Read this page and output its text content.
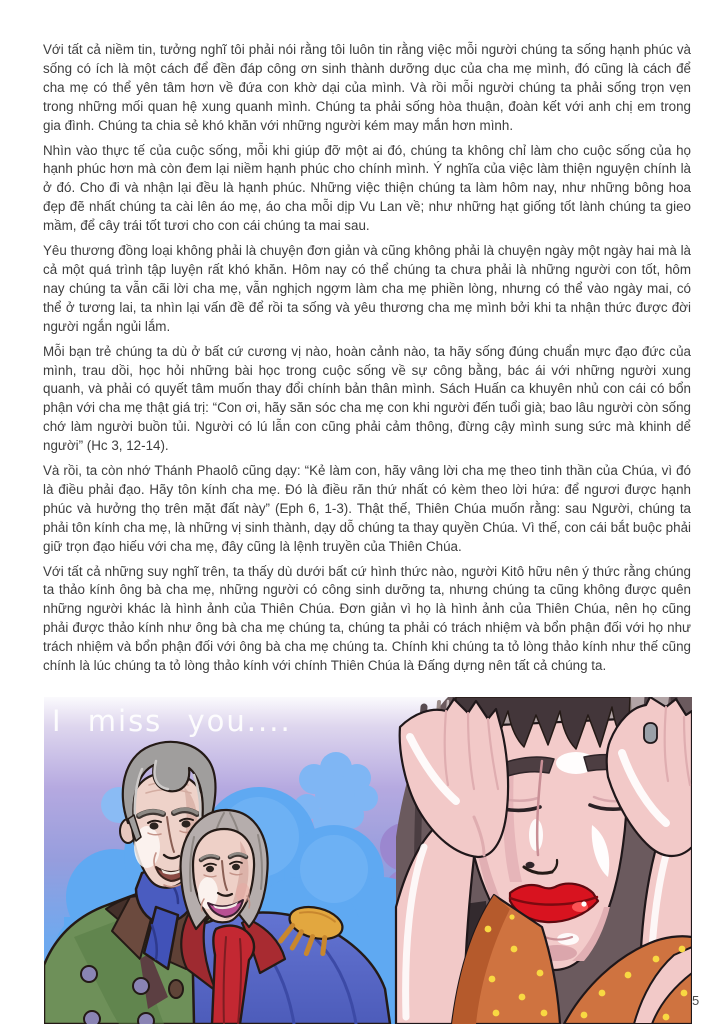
Với tất cả niềm tin, tưởng nghĩ tôi phải nói rằng tôi luôn tin rằng việc mỗi người chúng ta sống hạnh phúc và sống có ích là một cách để đền đáp công ơn sinh thành dưỡng dục của cha mẹ mình, đó cũng là cách để cha mẹ có thể yên tâm hơn về đứa con khờ dại của mình. Và rồi mỗi người chúng ta phải sống trọn vẹn trong những mối quan hệ xung quanh mình. Chúng ta phải sống hòa thuận, đoàn kết với anh chị em trong gia đình. Chúng ta chia sẻ khó khăn với những người kém may mắn hơn mình.

Nhìn vào thực tế của cuộc sống, mỗi khi giúp đỡ một ai đó, chúng ta không chỉ làm cho cuộc sống của họ hạnh phúc hơn mà còn đem lại niềm hạnh phúc cho chính mình. Ý nghĩa của việc làm thiện nguyện chính là ở đó. Cho đi và nhận lại đều là hạnh phúc. Những việc thiện chúng ta làm hôm nay, như những bông hoa đẹp đẽ nhất chúng ta cài lên áo mẹ, áo cha mỗi dịp Vu Lan về; như những hạt giống tốt lành chúng ta gieo mầm, để cây trái tốt tươi cho con cái chúng ta mai sau.

Yêu thương đồng loại không phải là chuyện đơn giản và cũng không phải là chuyện ngày một ngày hai mà là cả một quá trình tập luyện rất khó khăn. Hôm nay có thể chúng ta chưa phải là những người con tốt, hôm nay chúng ta vẫn cãi lời cha mẹ, vẫn nghịch ngợm làm cha mẹ phiền lòng, nhưng có thể vào ngày mai, có thể ở tương lai, ta nhìn lại vấn đề để rồi ta sống và yêu thương cha mẹ mình bởi khi ta nhận thức được đời người ngắn ngủi lắm.

Mỗi bạn trẻ chúng ta dù ở bất cứ cương vị nào, hoàn cảnh nào, ta hãy sống đúng chuẩn mực đạo đức của mình, trau dồi, học hỏi những bài học trong cuộc sống về sự công bằng, bác ái với những người xung quanh, và phải có quyết tâm muốn thay đổi chính bản thân mình. Sách Huấn ca khuyên nhủ con cái có bổn phận với cha mẹ thật giá trị: “Con ơi, hãy săn sóc cha mẹ con khi người đến tuổi già; bao lâu người còn sống chớ làm người buồn tủi. Người có lú lẫn con cũng phải cảm thông, đừng cậy mình sung sức mà khinh dể người” (Hc 3, 12-14).

Và rồi, ta còn nhớ Thánh Phaolô cũng dạy: “Kẻ làm con, hãy vâng lời cha mẹ theo tinh thần của Chúa, vì đó là điều phải đạo. Hãy tôn kính cha mẹ. Đó là điều răn thứ nhất có kèm theo lời hứa: để ngươi được hạnh phúc và hưởng thọ trên mặt đất này” (Eph 6, 1-3). Thật thế, Thiên Chúa muốn rằng: sau Người, chúng ta phải tôn kính cha mẹ, là những vị sinh thành, dạy dỗ chúng ta thay quyền Chúa. Vì thế, con cái bắt buộc phải giữ trọn đạo hiếu với cha mẹ, đây cũng là lệnh truyền của Thiên Chúa.

Với tất cả những suy nghĩ trên, ta thấy dù dưới bất cứ hình thức nào, người Kitô hữu nên ý thức rằng chúng ta thảo kính ông bà cha mẹ, những người có công sinh dưỡng ta, nhưng chúng ta cũng không được quên những người khác là hình ảnh của Thiên Chúa. Đơn giản vì họ là hình ảnh của Thiên Chúa, nên họ cũng phải được thảo kính như ông bà cha mẹ chúng ta, chúng ta phải có trách nhiệm và bổn phận đối với họ như trách nhiệm và bổn phận đối với ông bà cha mẹ chúng ta. Chính khi chúng ta tỏ lòng thảo kính như thế cũng chính là lúc chúng ta tỏ lòng thảo kính với chính Thiên Chúa là Đấng dựng nên tất cả chúng ta.

I miss you....
5
